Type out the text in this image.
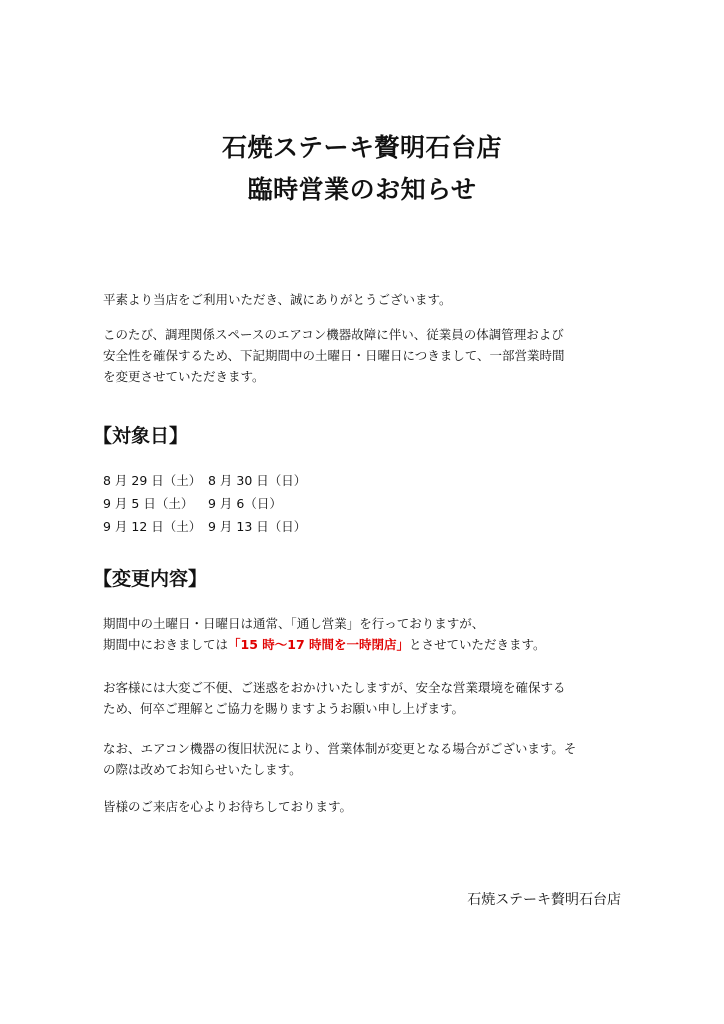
石焼ステーキ贅明石台店
臨時営業のお知らせ
平素より当店をご利用いただき、誠にありがとうございます。
このたび、調理関係スペースのエアコン機器故障に伴い、従業員の体調管理および
安全性を確保するため、下記期間中の土曜日・日曜日につきまして、一部営業時間
を変更させていただきます。
【対象日】
8 月 29 日（土） 8 月 30 日（日）
9 月 5 日（土） 9 月 6（日）
9 月 12 日（土） 9 月 13 日（日）
【変更内容】
期間中の土曜日・日曜日は通常、「通し営業」を行っておりますが、
期間中におきましては「15 時～17 時間を一時閉店」とさせていただきます。
お客様には大変ご不便、ご迷惑をおかけいたしますが、安全な営業環境を確保する
ため、何卒ご理解とご協力を賜りますようお願い申し上げます。
なお、エアコン機器の復旧状況により、営業体制が変更となる場合がございます。そ
の際は改めてお知らせいたします。
皆様のご来店を心よりお待ちしております。
石焼ステーキ贅明石台店
